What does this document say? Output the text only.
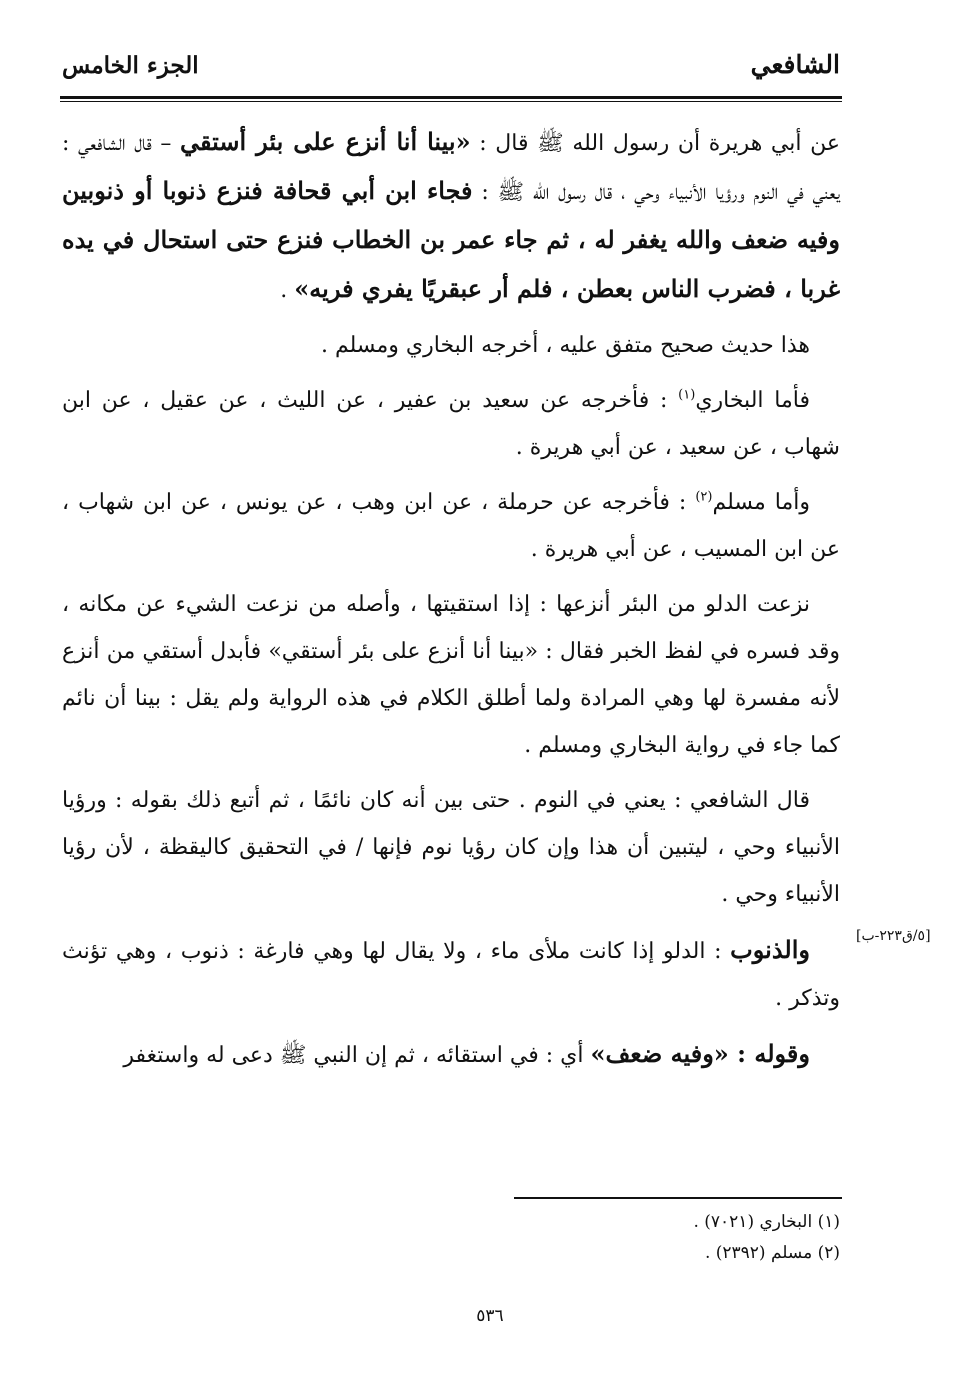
الشافعي
الجزء الخامس

عن أبي هريرة أن رسول الله ﷺ قال : «بينا أنا أنزع على بئر أستقي – قال الشافعي : يعني في النوم ورؤيا الأنبياء وحي ، قال رسول الله ﷺ : فجاء ابن أبي قحافة فنزع ذنوبا أو ذنوبين وفيه ضعف والله يغفر له ، ثم جاء عمر بن الخطاب فنزع حتى استحال في يده غربا ، فضرب الناس بعطن ، فلم أر عبقريًا يفري فريه» .

هذا حديث صحيح متفق عليه ، أخرجه البخاري ومسلم .

فأما البخاري$^{(١)}$ : فأخرجه عن سعيد بن عفير ، عن الليث ، عن عقيل ، عن ابن شهاب ، عن سعيد ، عن أبي هريرة .

وأما مسلم$^{(٢)}$ : فأخرجه عن حرملة ، عن ابن وهب ، عن يونس ، عن ابن شهاب ، عن ابن المسيب ، عن أبي هريرة .

نزعت الدلو من البئر أنزعها : إذا استقيتها ، وأصله من نزعت الشيء عن مكانه ، وقد فسره في لفظ الخبر فقال : «بينا أنا أنزع على بئر أستقي» فأبدل أستقي من أنزع لأنه مفسرة لها وهي المرادة ولما أطلق الكلام في هذه الرواية ولم يقل : بينا أن نائم كما جاء في رواية البخاري ومسلم .

قال الشافعي : يعني في النوم . حتى بين أنه كان نائمًا ، ثم أتبع ذلك بقوله : ورؤيا الأنبياء وحي ، ليتبين أن هذا وإن كان رؤيا نوم فإنها / في التحقيق كاليقظة ، لأن رؤيا الأنبياء وحي .

والذنوب : الدلو إذا كانت ملأى ماء ، ولا يقال لها وهي فارغة : ذنوب ، وهي تؤنث وتذكر .

وقوله : «وفيه ضعف» أي : في استقائه ، ثم إن النبي ﷺ دعى له واستغفر

[٥/ق٢٢٣-ب]
(١) البخاري (٧٠٢١) .
(٢) مسلم (٢٣٩٢) .
٥٣٦
